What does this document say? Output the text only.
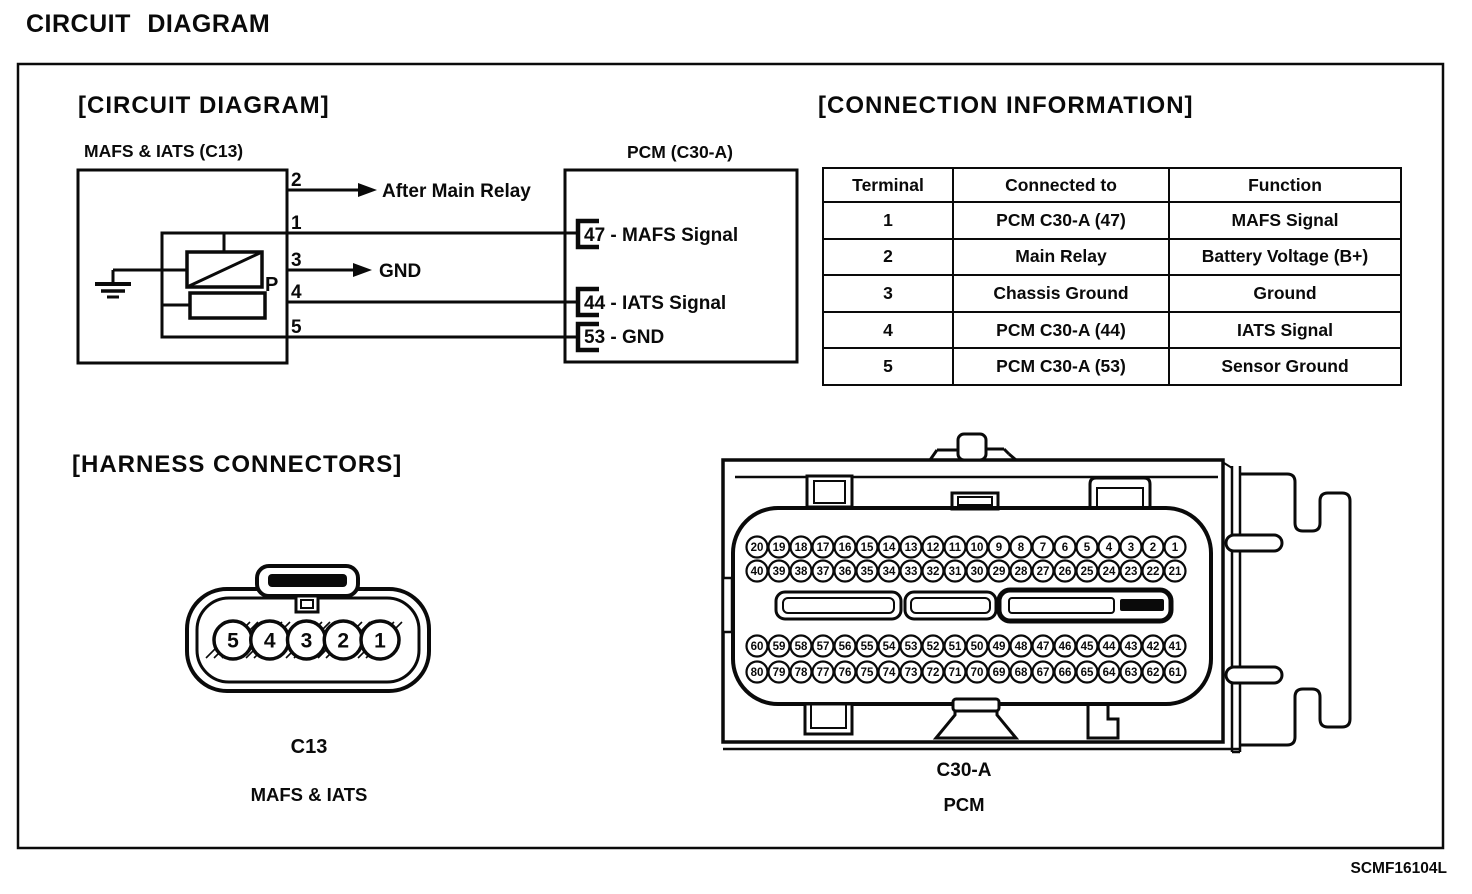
5 4 3 2 1
20 19 18 17 16 15 14 13 12 11 10 9 8 7 6 5 4 3 2 1
40 39 38 37 36 35 34 33 32 31 30 29 28 27 26 25 24 23 22 21
60 59 58 57 56 55 54 53 52 51 50 49 48 47 46 45 44 43 42 41
80 79 78 77 76 75 74 73 72 71 70 69 68 67 66 65 64 63 62 61
MAFS & IATS (C13)	PCM (C30-A)
2
1
3
4
5
P
After Main Relay
GND
47 - MAFS Signal
44 - IATS Signal
53 - GND
CIRCUIT DIAGRAM
[CIRCUIT DIAGRAM]	[CONNECTION INFORMATION]
[HARNESS CONNECTORS]
Terminal	Connected to	Function
1	PCM C30-A (47)	MAFS Signal
2	Main Relay	Battery Voltage (B+)
3	Chassis Ground	Ground
4	PCM C30-A (44)	IATS Signal
5	PCM C30-A (53)	Sensor Ground
C13
MAFS & IATS
C30-A
PCM
SCMF16104L
